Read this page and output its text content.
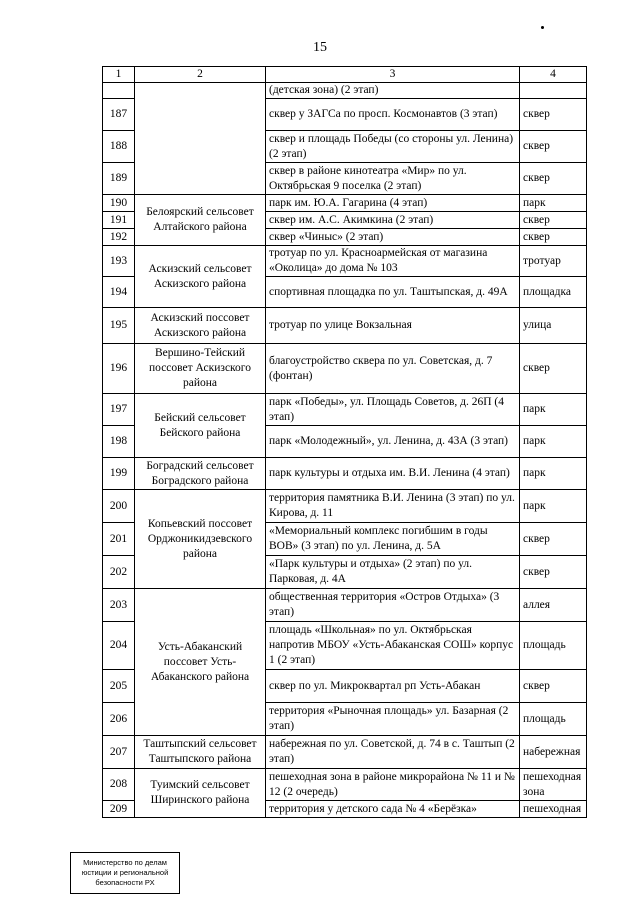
15
1	2	3	4
		(детская зона) (2 этап)	
187		сквер у ЗАГСа по просп. Космонавтов (3 этап)	сквер
188		сквер и площадь Победы (со стороны ул. Ленина) (2 этап)	сквер
189		сквер в районе кинотеатра «Мир» по ул. Октябрьская 9 поселка (2 этап)	сквер
190	Белоярский сельсовет Алтайского района	парк им. Ю.А. Гагарина (4 этап)	парк
191		сквер им. А.С. Акимкина (2 этап)	сквер
192		сквер «Чиныс» (2 этап)	сквер
193	Аскизский сельсовет Аскизского района	тротуар по ул. Красноармейская от магазина «Околица» до дома № 103	тротуар
194		спортивная площадка по ул. Таштыпская, д. 49А	площадка
195	Аскизский поссовет Аскизского района	тротуар по улице Вокзальная	улица
196	Вершино-Тейский поссовет Аскизского района	благоустройство сквера по ул. Советская, д. 7 (фонтан)	сквер
197	Бейский сельсовет Бейского района	парк «Победы», ул. Площадь Советов, д. 26П (4 этап)	парк
198		парк «Молодежный», ул. Ленина, д. 43А (3 этап)	парк
199	Боградский сельсовет Боградского района	парк культуры и отдыха им. В.И. Ленина (4 этап)	парк
200	Копьевский поссовет Орджоникидзевского района	территория памятника В.И. Ленина (3 этап) по ул. Кирова, д. 11	парк
201		«Мемориальный комплекс погибшим в годы ВОВ» (3 этап) по ул. Ленина, д. 5А	сквер
202		«Парк культуры и отдыха» (2 этап) по ул. Парковая, д. 4А	сквер
203	Усть-Абаканский поссовет Усть-Абаканского района	общественная территория «Остров Отдыха» (3 этап)	аллея
204		площадь «Школьная» по ул. Октябрьская напротив МБОУ «Усть-Абаканская СОШ» корпус 1 (2 этап)	площадь
205		сквер по ул. Микроквартал рп Усть-Абакан	сквер
206		территория «Рыночная площадь» ул. Базарная (2 этап)	площадь
207	Таштыпский сельсовет Таштыпского района	набережная по ул. Советской, д. 74 в с. Таштып (2 этап)	набережная
208	Туимский сельсовет Ширинского района	пешеходная зона в районе микрорайона № 11 и № 12 (2 очередь)	пешеходная зона
209		территория у детского сада № 4 «Берёзка»	пешеходная
Министерство по делам юстиции и региональной безопасности РХ
